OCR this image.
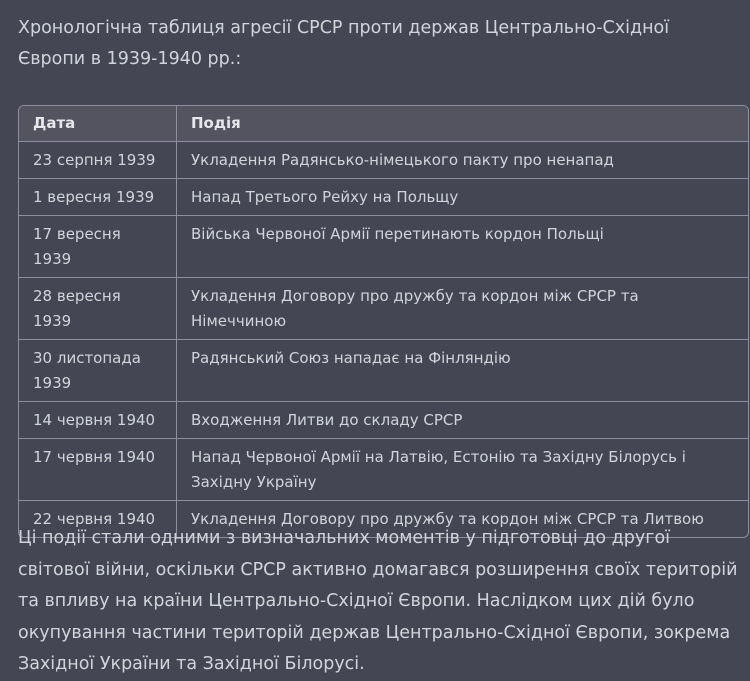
Хронологічна таблиця агресії СРСР проти держав Центрально-Східної Європи в 1939-1940 рр.:

Дата	Подія
23 серпня 1939	Укладення Радянсько-німецького пакту про ненапад
1 вересня 1939	Напад Третього Рейху на Польщу
17 вересня 1939	Війська Червоної Армії перетинають кордон Польщі
28 вересня 1939	Укладення Договору про дружбу та кордон між СРСР та Німеччиною
30 листопада 1939	Радянський Союз нападає на Фінляндію
14 червня 1940	Входження Литви до складу СРСР
17 червня 1940	Напад Червоної Армії на Латвію, Естонію та Західну Білорусь і Західну Україну
22 червня 1940	Укладення Договору про дружбу та кордон між СРСР та Литвою

Ці події стали одними з визначальних моментів у підготовці до другої світової війни, оскільки СРСР активно домагався розширення своїх територій та впливу на країни Центрально-Східної Європи. Наслідком цих дій було окупування частини територій держав Центрально-Східної Європи, зокрема Західної України та Західної Білорусі.
